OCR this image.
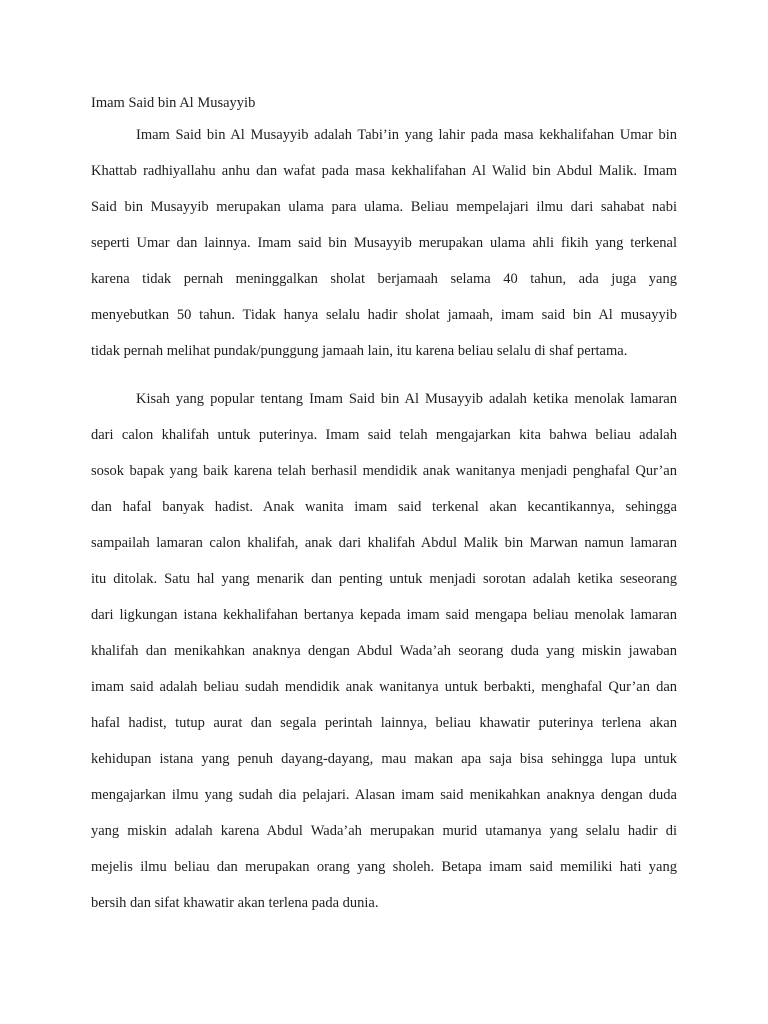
Imam Said bin Al Musayyib
Imam Said bin Al Musayyib adalah Tabi’in yang lahir pada masa kekhalifahan Umar bin
Khattab radhiyallahu anhu dan wafat pada masa kekhalifahan Al Walid bin Abdul Malik. Imam
Said bin Musayyib merupakan ulama para ulama. Beliau mempelajari ilmu dari sahabat nabi
seperti Umar dan lainnya. Imam said bin Musayyib merupakan ulama ahli fikih yang terkenal
karena tidak pernah meninggalkan sholat berjamaah selama 40 tahun, ada juga yang
menyebutkan 50 tahun. Tidak hanya selalu hadir sholat jamaah, imam said bin Al musayyib
tidak pernah melihat pundak/punggung jamaah lain, itu karena beliau selalu di shaf pertama.
Kisah yang popular tentang Imam Said bin Al Musayyib adalah ketika menolak lamaran
dari calon khalifah untuk puterinya. Imam said telah mengajarkan kita bahwa beliau adalah
sosok bapak yang baik karena telah berhasil mendidik anak wanitanya menjadi penghafal Qur’an
dan hafal banyak hadist. Anak wanita imam said terkenal akan kecantikannya, sehingga
sampailah lamaran calon khalifah, anak dari khalifah Abdul Malik bin Marwan namun lamaran
itu ditolak. Satu hal yang menarik dan penting untuk menjadi sorotan adalah ketika seseorang
dari ligkungan istana kekhalifahan bertanya kepada imam said mengapa beliau menolak lamaran
khalifah dan menikahkan anaknya dengan Abdul Wada’ah seorang duda yang miskin jawaban
imam said adalah beliau sudah mendidik anak wanitanya untuk berbakti, menghafal Qur’an dan
hafal hadist, tutup aurat dan segala perintah lainnya, beliau khawatir puterinya terlena akan
kehidupan istana yang penuh dayang-dayang, mau makan apa saja bisa sehingga lupa untuk
mengajarkan ilmu yang sudah dia pelajari. Alasan imam said menikahkan anaknya dengan duda
yang miskin adalah karena Abdul Wada’ah merupakan murid utamanya yang selalu hadir di
mejelis ilmu beliau dan merupakan orang yang sholeh. Betapa imam said memiliki hati yang
bersih dan sifat khawatir akan terlena pada dunia.
